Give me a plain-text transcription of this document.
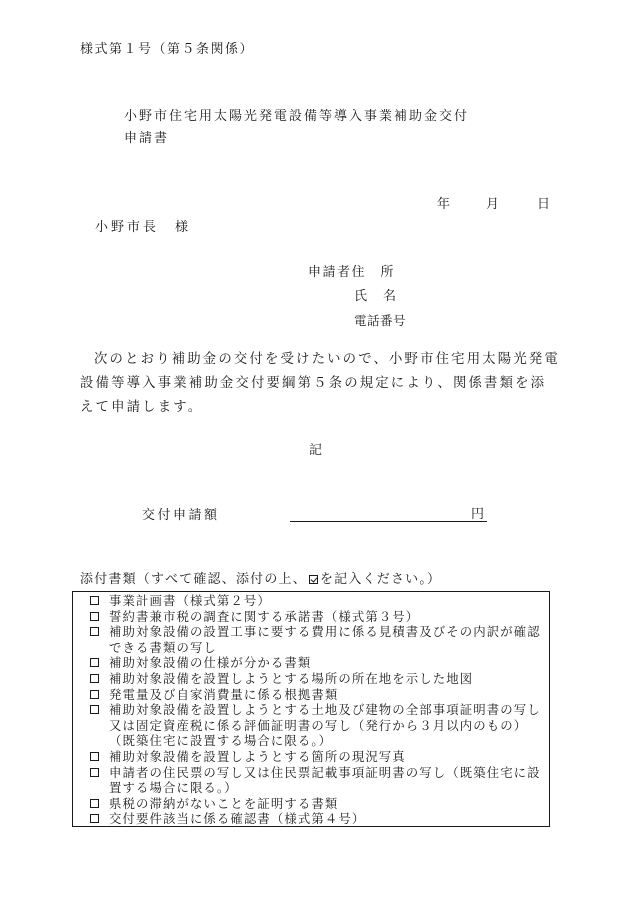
様式第１号（第５条関係）
小野市住宅用太陽光発電設備等導入事業補助金交付
申請書
年	月	日
小野市長　様
申請者住　所
氏　名
電話番号
次のとおり補助金の交付を受けたいので、小野市住宅用太陽光発電設備等導入事業補助金交付要綱第５条の規定により、関係書類を添えて申請します。
記
交付申請額	円
添付書類（すべて確認、添付の上、 を記入ください。）
事業計画書（様式第２号）
誓約書兼市税の調査に関する承諾書（様式第３号）
補助対象設備の設置工事に要する費用に係る見積書及びその内訳が確認できる書類の写し
補助対象設備の仕様が分かる書類
補助対象設備を設置しようとする場所の所在地を示した地図
発電量及び自家消費量に係る根拠書類
補助対象設備を設置しようとする土地及び建物の全部事項証明書の写し又は固定資産税に係る評価証明書の写し（発行から３月以内のもの）（既築住宅に設置する場合に限る。）
補助対象設備を設置しようとする箇所の現況写真
申請者の住民票の写し又は住民票記載事項証明書の写し（既築住宅に設置する場合に限る。）
県税の滞納がないことを証明する書類
交付要件該当に係る確認書（様式第４号）
